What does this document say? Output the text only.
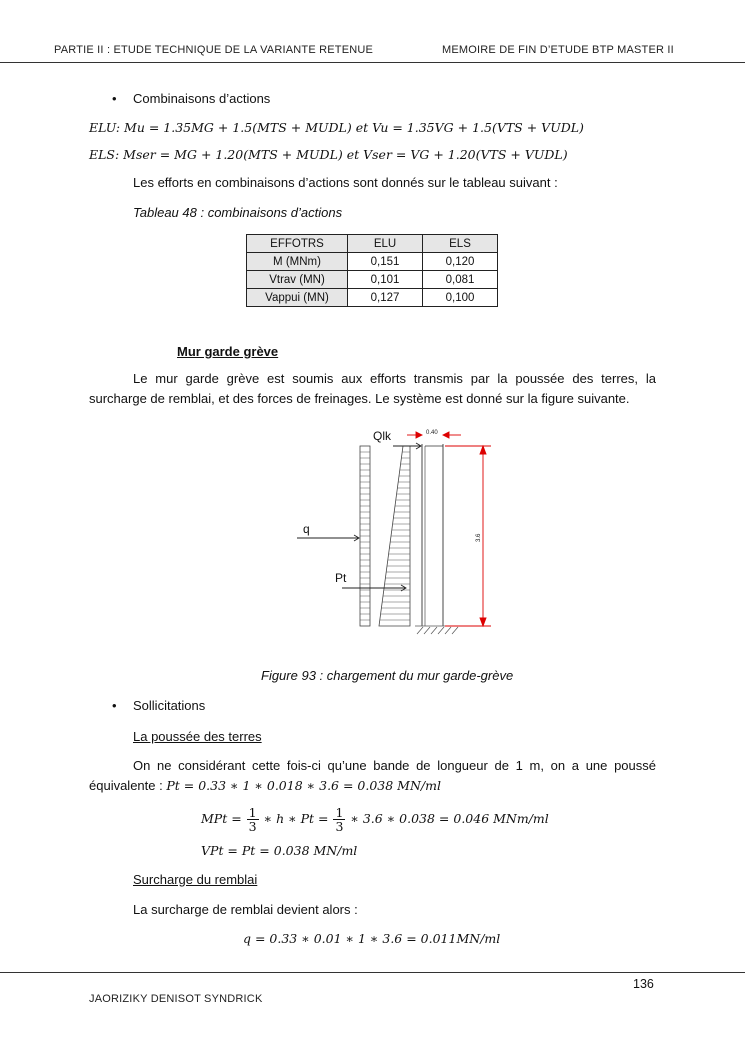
PARTIE II : ETUDE TECHNIQUE DE LA VARIANTE RETENUE	MEMOIRE DE FIN D’ETUDE BTP MASTER II
• Combinaisons d’actions
ELU: Mu = 1.35MG + 1.5(MTS + MUDL) et Vu = 1.35VG + 1.5(VTS + VUDL)
ELS: Mser = MG + 1.20(MTS + MUDL) et Vser = VG + 1.20(VTS + VUDL)
Les efforts en combinaisons d’actions sont donnés sur le tableau suivant :
Tableau 48 : combinaisons d’actions
EFFOTRS	ELU	ELS
M (MNm)	0,151	0,120
Vtrav (MN)	0,101	0,081
Vappui (MN)	0,127	0,100
Mur garde grève
Le mur garde grève est soumis aux efforts transmis par la poussée des terres, la surcharge de remblai, et des forces de freinages. Le système est donné sur la figure suivante.
Qlk	0.40
3.6
q
Pt
Figure 93 : chargement du mur garde-grève
• Sollicitations
La poussée des terres
On ne considérant cette fois-ci qu’une bande de longueur de 1 m, on a une poussé équivalente : Pt = 0.33 ∗ 1 ∗ 0.018 ∗ 3.6 = 0.038 MN/ml
MPt = $\frac{1}{3}$ ∗ h ∗ $Pt = \frac{1}{3}$ ∗ 3.6 ∗ 0.038 = 0.046 MNm/ml
VPt = Pt = 0.038 MN/ml
Surcharge du remblai
La surcharge de remblai devient alors :
q = 0.33 ∗ 0.01 ∗ 1 ∗ 3.6 = 0.011MN/ml
136
JAORIZIKY DENISOT SYNDRICK
